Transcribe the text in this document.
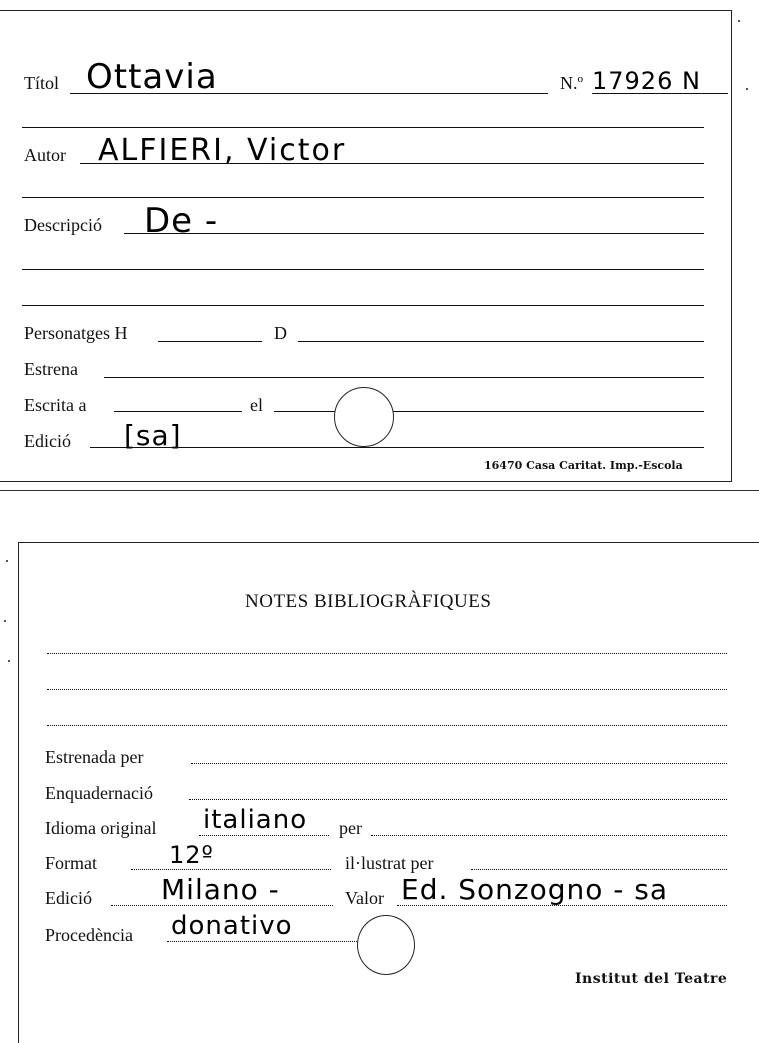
Títol Ottavia	N.º 17926 N
Autor ALFIERI, Victor
Descripció De -
Personatges H	D
Estrena
Escrita a	el
Edició [sa]
16470 Casa Caritat. Imp.-Escola
NOTES BIBLIOGRÀFIQUES
Estrenada per
Enquadernació
Idioma original italiano per
Format	12º	il·lustrat per
Edició Milano -	Valor Ed. Sonzogno - sa
Procedència donativo
Institut del Teatre
